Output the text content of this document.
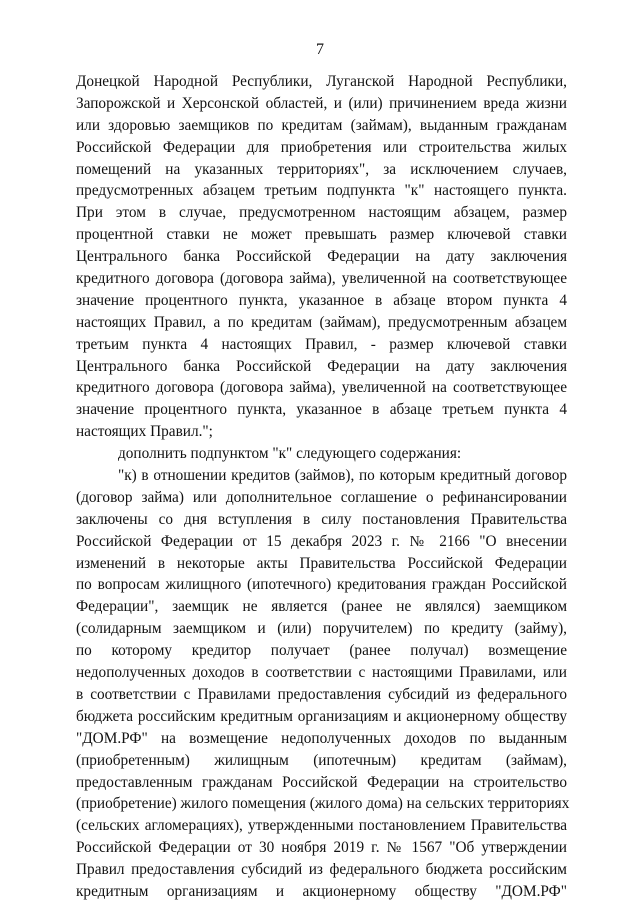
7
Донецкой Народной Республики, Луганской Народной Республики,
Запорожской и Херсонской областей, и (или) причинением вреда жизни
или здоровью заемщиков по кредитам (займам), выданным гражданам
Российской Федерации для приобретения или строительства жилых
помещений на указанных территориях", за исключением случаев,
предусмотренных абзацем третьим подпункта "к" настоящего пункта.
При этом в случае, предусмотренном настоящим абзацем, размер
процентной ставки не может превышать размер ключевой ставки
Центрального банка Российской Федерации на дату заключения
кредитного договора (договора займа), увеличенной на соответствующее
значение процентного пункта, указанное в абзаце втором пункта 4
настоящих Правил, а по кредитам (займам), предусмотренным абзацем
третьим пункта 4 настоящих Правил, - размер ключевой ставки
Центрального банка Российской Федерации на дату заключения
кредитного договора (договора займа), увеличенной на соответствующее
значение процентного пункта, указанное в абзаце третьем пункта 4
настоящих Правил.";
дополнить подпунктом "к" следующего содержания:
"к) в отношении кредитов (займов), по которым кредитный договор
(договор займа) или дополнительное соглашение о рефинансировании
заключены со дня вступления в силу постановления Правительства
Российской Федерации от 15 декабря 2023 г. № 2166 "О внесении
изменений в некоторые акты Правительства Российской Федерации
по вопросам жилищного (ипотечного) кредитования граждан Российской
Федерации", заемщик не является (ранее не являлся) заемщиком
(солидарным заемщиком и (или) поручителем) по кредиту (займу),
по которому кредитор получает (ранее получал) возмещение
недополученных доходов в соответствии с настоящими Правилами, или
в соответствии с Правилами предоставления субсидий из федерального
бюджета российским кредитным организациям и акционерному обществу
"ДОМ.РФ" на возмещение недополученных доходов по выданным
(приобретенным) жилищным (ипотечным) кредитам (займам),
предоставленным гражданам Российской Федерации на строительство
(приобретение) жилого помещения (жилого дома) на сельских территориях
(сельских агломерациях), утвержденными постановлением Правительства
Российской Федерации от 30 ноября 2019 г. № 1567 "Об утверждении
Правил предоставления субсидий из федерального бюджета российским
кредитным организациям и акционерному обществу "ДОМ.РФ"
